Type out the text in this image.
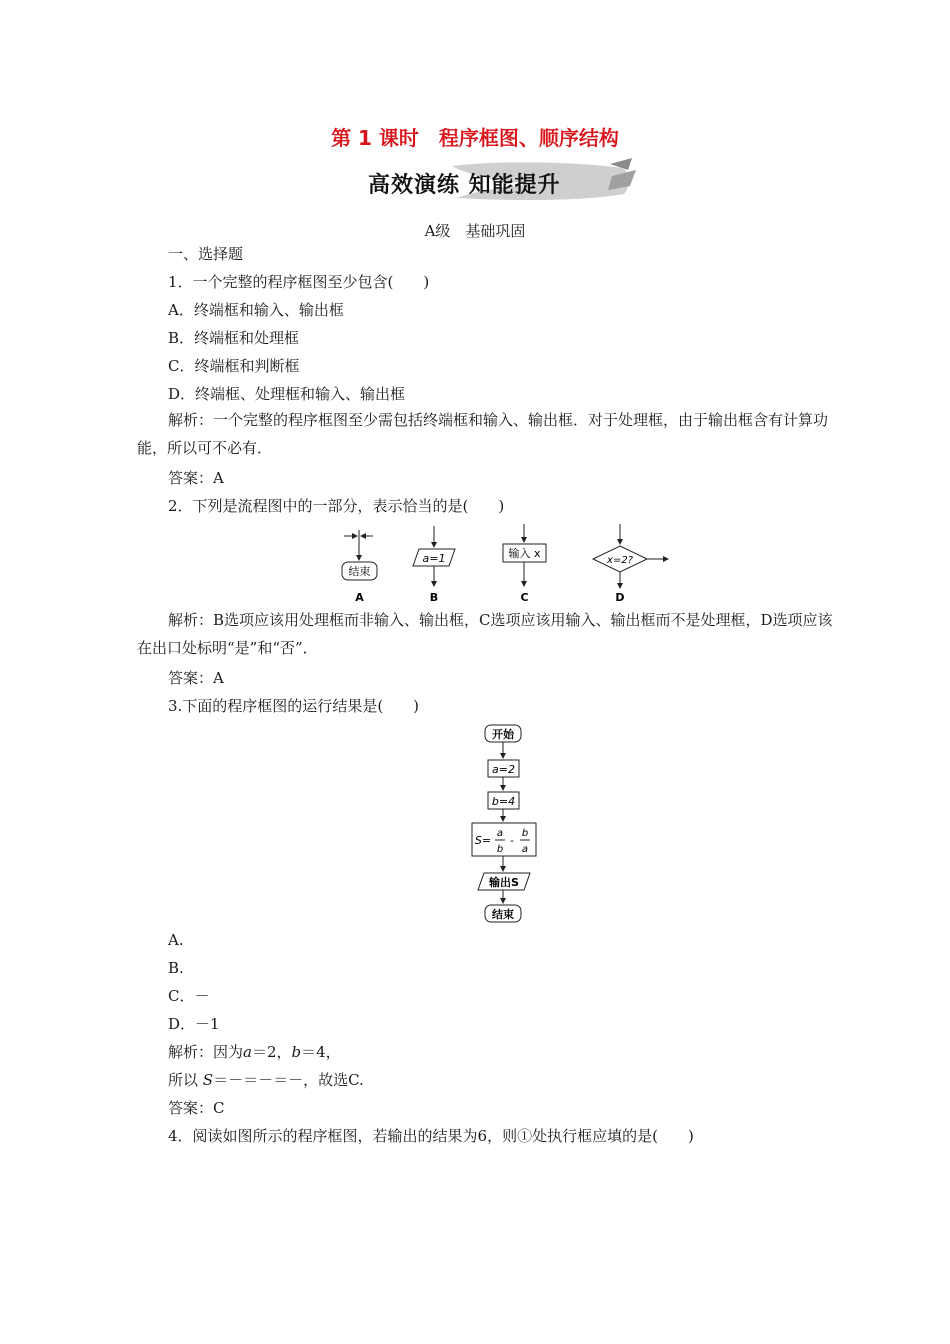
第 1 课时　程序框图、顺序结构
高效演练 知能提升
A级　基础巩固
一、选择题
1．一个完整的程序框图至少包含(　　)
A．终端框和输入、输出框
B．终端框和处理框
C．终端框和判断框
D．终端框、处理框和输入、输出框
解析：一个完整的程序框图至少需包括终端框和输入、输出框．对于处理框，由于输出框含有计算功能，所以可不必有．
答案：A
2．下列是流程图中的一部分，表示恰当的是(　　)
结束
A
a=1
B
输入 x
C
x=2?
D
解析：B选项应该用处理框而非输入、输出框，C选项应该用输入、输出框而不是处理框，D选项应该在出口处标明“是”和“否”．
答案：A
3.下面的程序框图的运行结果是(　　)
开始
a=2
b=4
S=
a
b
-
b
a
输出S
结束
A.
B.
C．－
D．－1
解析：因为a＝2，b＝4，
所以 S＝－＝－＝－，故选C.
答案：C
4．阅读如图所示的程序框图，若输出的结果为6，则①处执行框应填的是(　　)
